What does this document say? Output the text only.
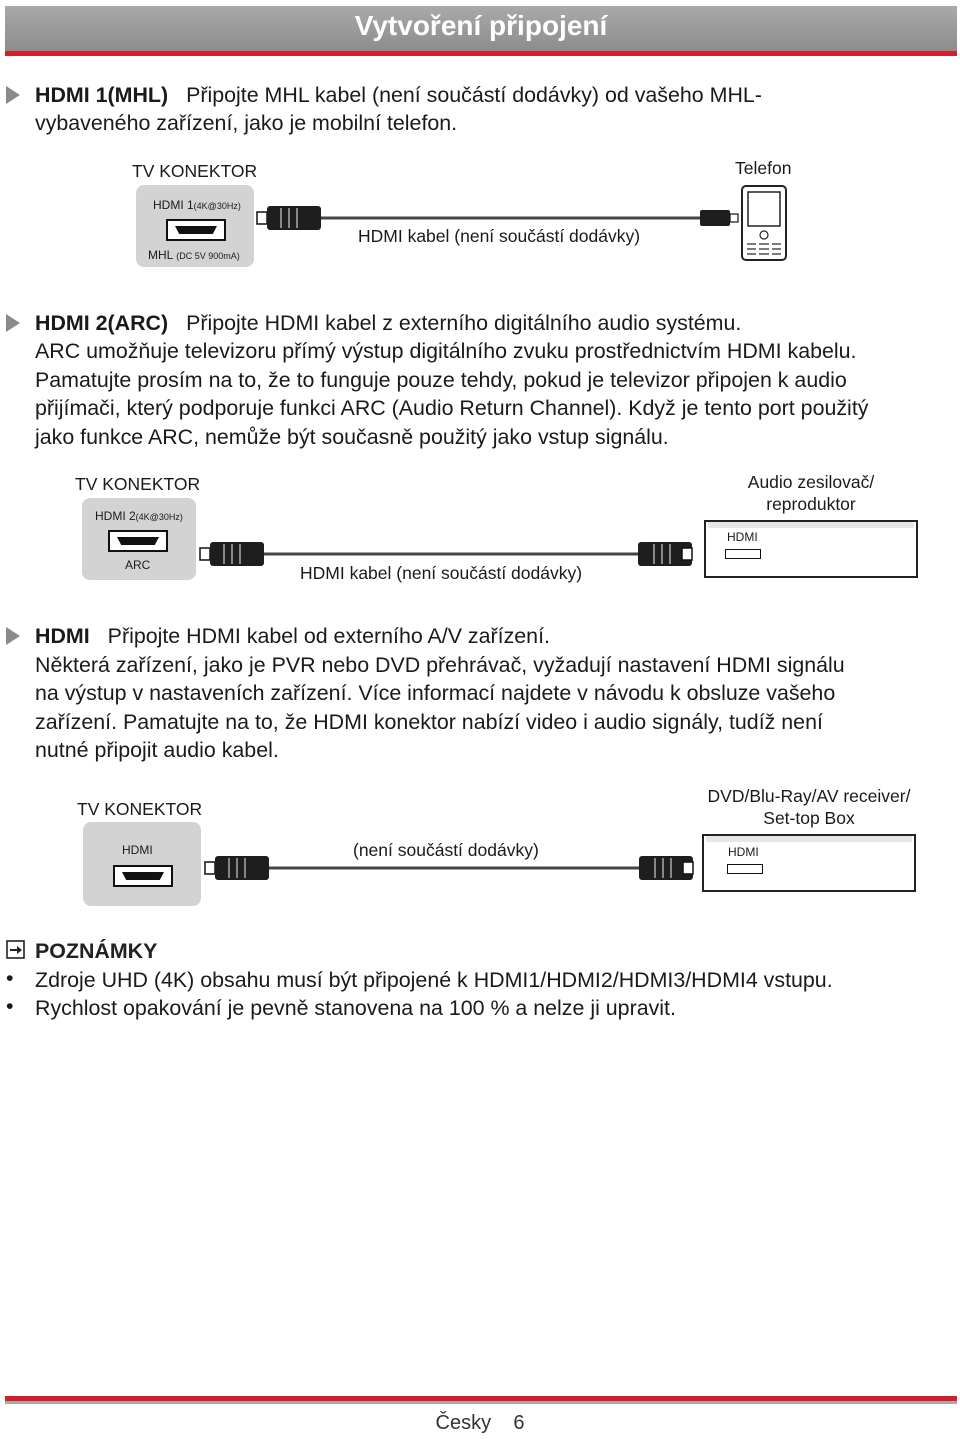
Vytvoření připojení
HDMI 1(MHL) Připojte MHL kabel (není součástí dodávky) od vašeho MHL-
vybaveného zařízení, jako je mobilní telefon.
TV KONEKTOR
HDMI 1(4K@30Hz)
MHL (DC 5V 900mA)
HDMI kabel (není součástí dodávky)
Telefon
HDMI 2(ARC) Připojte HDMI kabel z externího digitálního audio systému.
ARC umožňuje televizoru přímý výstup digitálního zvuku prostřednictvím HDMI kabelu.
Pamatujte prosím na to, že to funguje pouze tehdy, pokud je televizor připojen k audio
přijímači, který podporuje funkci ARC (Audio Return Channel). Když je tento port použitý
jako funkce ARC, nemůže být současně použitý jako vstup signálu.
TV KONEKTOR
HDMI 2(4K@30Hz)
ARC	HDMI kabel (není součástí dodávky)
Audio zesilovač/
reproduktor
HDMI
HDMI Připojte HDMI kabel od externího A/V zařízení.
Některá zařízení, jako je PVR nebo DVD přehrávač, vyžadují nastavení HDMI signálu
na výstup v nastaveních zařízení. Více informací najdete v návodu k obsluze vašeho
zařízení. Pamatujte na to, že HDMI konektor nabízí video i audio signály, tudíž není
nutné připojit audio kabel.
TV KONEKTOR
HDMI	(není součástí dodávky)
DVD/Blu-Ray/AV receiver/
Set-top Box
HDMI
POZNÁMKY
• Zdroje UHD (4K) obsahu musí být připojené k HDMI1/HDMI2/HDMI3/HDMI4 vstupu.
• Rychlost opakování je pevně stanovena na 100 % a nelze ji upravit.
Česky 6
